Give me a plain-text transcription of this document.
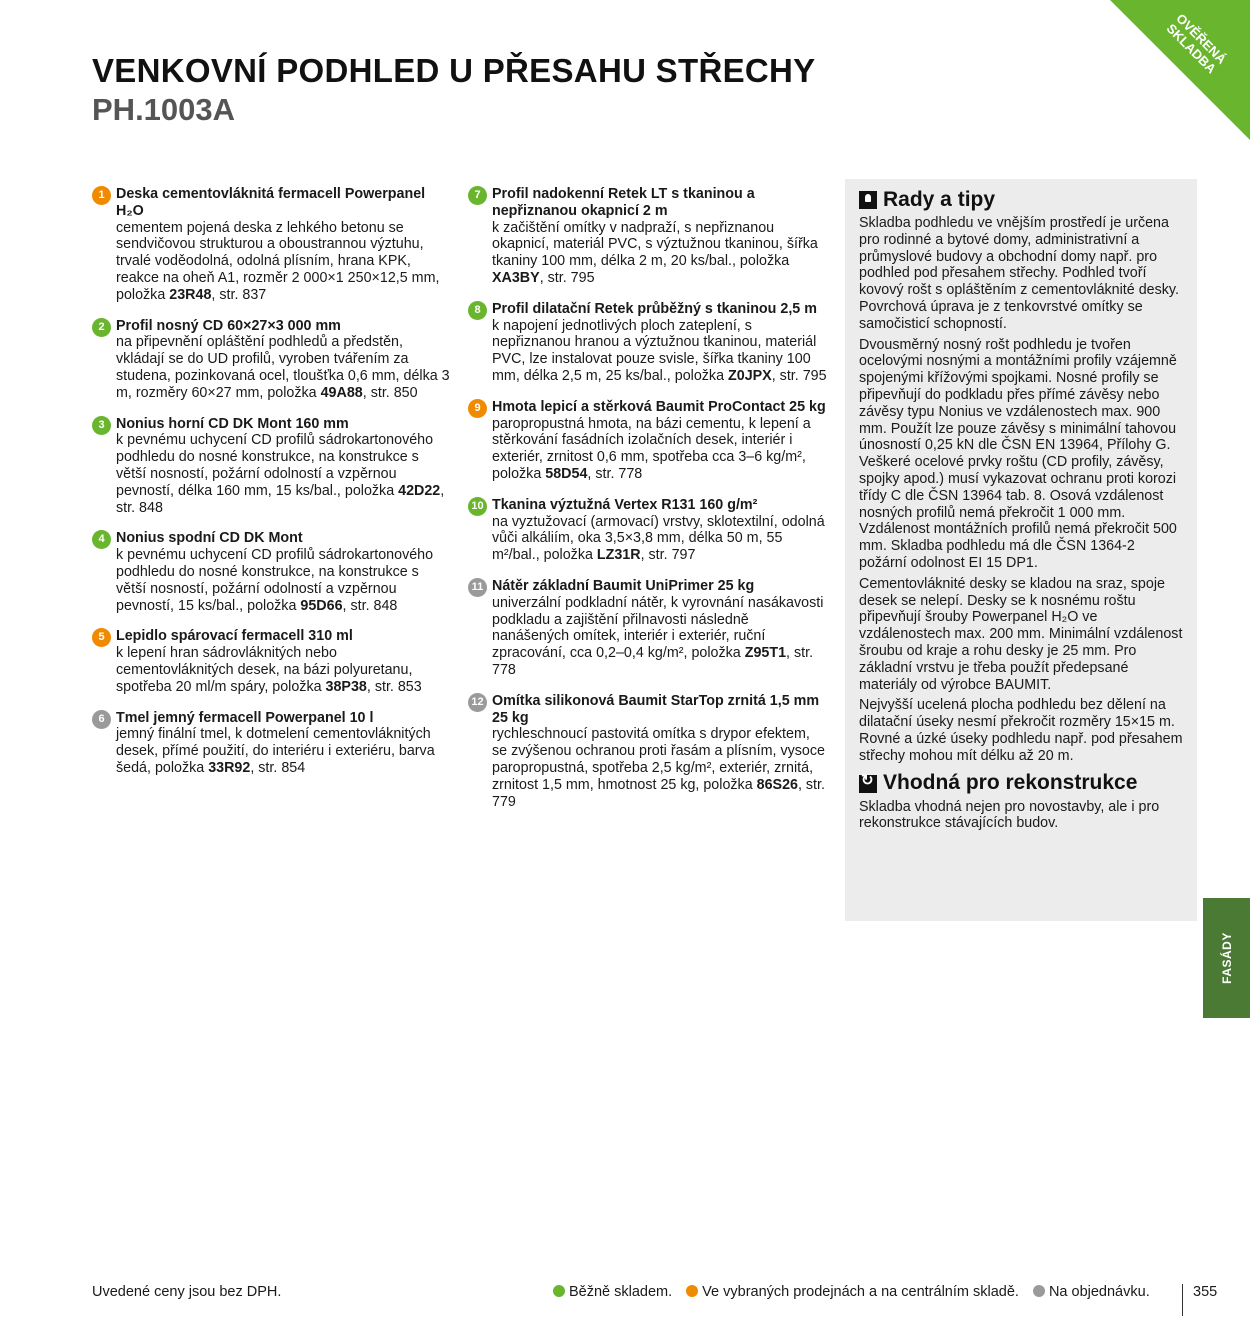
VENKOVNÍ PODHLED U PŘESAHU STŘECHY
PH.1003A
OVĚŘENÁ SKLADBA
1 Deska cementovláknitá fermacell Powerpanel H₂O
cementem pojená deska z lehkého betonu se sendvičovou strukturou a oboustrannou výztuhu, trvalé voděodolná, odolná plísním, hrana KPK, reakce na oheň A1, rozměr 2 000×1 250×12,5 mm, položka 23R48, str. 837
2 Profil nosný CD 60×27×3 000 mm
na připevnění opláštění podhledů a předstěn, vkládají se do UD profilů, vyroben tvářením za studena, pozinkovaná ocel, tloušťka 0,6 mm, délka 3 m, rozměry 60×27 mm, položka 49A88, str. 850
3 Nonius horní CD DK Mont 160 mm
k pevnému uchycení CD profilů sádrokartonového podhledu do nosné konstrukce, na konstrukce s větší nosností, požární odolností a vzpěrnou pevností, délka 160 mm, 15 ks/bal., položka 42D22, str. 848
4 Nonius spodní CD DK Mont
k pevnému uchycení CD profilů sádrokartonového podhledu do nosné konstrukce, na konstrukce s větší nosností, požární odolností a vzpěrnou pevností, 15 ks/bal., položka 95D66, str. 848
5 Lepidlo spárovací fermacell 310 ml
k lepení hran sádrovláknitých nebo cementovláknitých desek, na bázi polyuretanu, spotřeba 20 ml/m spáry, položka 38P38, str. 853
6 Tmel jemný fermacell Powerpanel 10 l
jemný finální tmel, k dotmelení cementovláknitých desek, přímé použití, do interiéru i exteriéru, barva šedá, položka 33R92, str. 854
7 Profil nadokenní Retek LT s tkaninou a nepřiznanou okapnicí 2 m
k začištění omítky v nadpraží, s nepřiznanou okapnicí, materiál PVC, s výztužnou tkaninou, šířka tkaniny 100 mm, délka 2 m, 20 ks/bal., položka XA3BY, str. 795
8 Profil dilatační Retek průběžný s tkaninou 2,5 m
k napojení jednotlivých ploch zateplení, s nepřiznanou hranou a výztužnou tkaninou, materiál PVC, lze instalovat pouze svisle, šířka tkaniny 100 mm, délka 2,5 m, 25 ks/bal., položka Z0JPX, str. 795
9 Hmota lepicí a stěrková Baumit ProContact 25 kg
paropropustná hmota, na bázi cementu, k lepení a stěrkování fasádních izolačních desek, interiér i exteriér, zrnitost 0,6 mm, spotřeba cca 3–6 kg/m², položka 58D54, str. 778
10 Tkanina výztužná Vertex R131 160 g/m²
na vyztužovací (armovací) vrstvy, sklotextilní, odolná vůči alkáliím, oka 3,5×3,8 mm, délka 50 m, 55 m²/bal., položka LZ31R, str. 797
11 Nátěr základní Baumit UniPrimer 25 kg
univerzální podkladní nátěr, k vyrovnání nasákavosti podkladu a zajištění přilnavosti následně nanášených omítek, interiér i exteriér, ruční zpracování, cca 0,2–0,4 kg/m², položka Z95T1, str. 778
12 Omítka silikonová Baumit StarTop zrnitá 1,5 mm 25 kg
rychleschnoucí pastovitá omítka s drypor efektem, se zvýšenou ochranou proti řasám a plísním, vysoce paropropustná, spotřeba 2,5 kg/m², exteriér, zrnitá, zrnitost 1,5 mm, hmotnost 25 kg, položka 86S26, str. 779
Rady a tipy

Skladba podhledu ve vnějším prostředí je určena pro rodinné a bytové domy, administrativní a průmyslové budovy a obchodní domy např. pro podhled pod přesahem střechy. Podhled tvoří kovový rošt s opláštěním z cementovláknité desky. Povrchová úprava je z tenkovrstvé omítky se samočisticí schopností.

Dvousměrný nosný rošt podhledu je tvořen ocelovými nosnými a montážními profily vzájemně spojenými křížovými spojkami. Nosné profily se připevňují do podkladu přes přímé závěsy nebo závěsy typu Nonius ve vzdálenostech max. 900 mm. Použít lze pouze závěsy s minimální tahovou únosností 0,25 kN dle ČSN EN 13964, Přílohy G. Veškeré ocelové prvky roštu (CD profily, závěsy, spojky apod.) musí vykazovat ochranu proti korozi třídy C dle ČSN 13964 tab. 8. Osová vzdálenost nosných profilů nemá překročit 1 000 mm. Vzdálenost montážních profilů nemá překročit 500 mm. Skladba podhledu má dle ČSN 1364-2 požární odolnost EI 15 DP1.

Cementovláknité desky se kladou na sraz, spoje desek se nelepí. Desky se k nosnému roštu připevňují šrouby Powerpanel H₂O ve vzdálenostech max. 200 mm. Minimální vzdálenost šroubu od kraje a rohu desky je 25 mm. Pro základní vrstvu je třeba použít předepsané materiály od výrobce BAUMIT.

Nejvyšší ucelená plocha podhledu bez dělení na dilatační úseky nesmí překročit rozměry 15×15 m. Rovné a úzké úseky podhledu např. pod přesahem střechy mohou mít délku až 20 m.

↻
Vhodná pro rekonstrukce

Skladba vhodná nejen pro novostavby, ale i pro rekonstrukce stávajících budov.

FASÁDY
Uvedené ceny jsou bez DPH.	Běžně skladem.	Ve vybraných prodejnách a na centrálním skladě.	Na objednávku.	355
